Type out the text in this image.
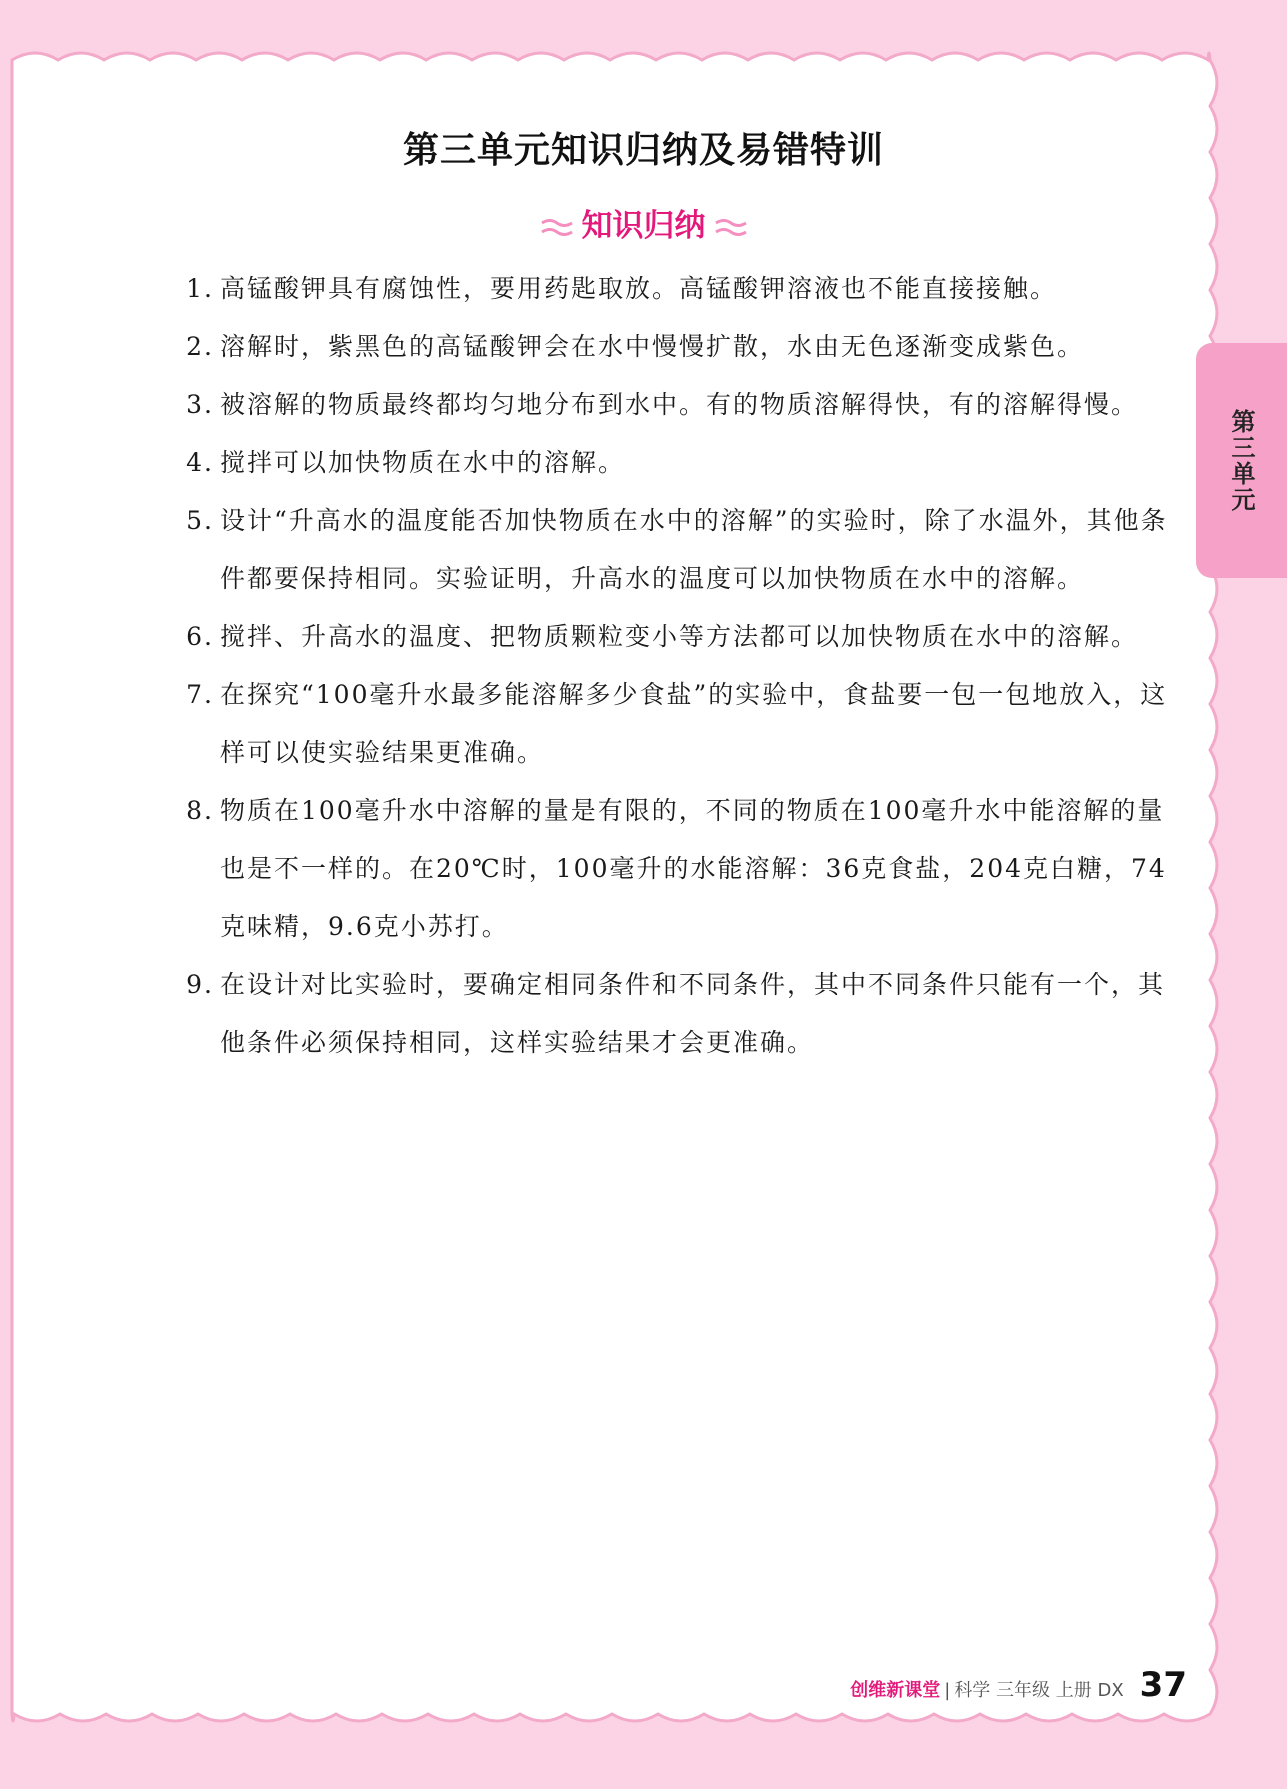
第三单元知识归纳及易错特训
知识归纳
1. 高锰酸钾具有腐蚀性，要用药匙取放。高锰酸钾溶液也不能直接接触。
2. 溶解时，紫黑色的高锰酸钾会在水中慢慢扩散，水由无色逐渐变成紫色。
3. 被溶解的物质最终都均匀地分布到水中。有的物质溶解得快，有的溶解得慢。
4. 搅拌可以加快物质在水中的溶解。
5. 设计“升高水的温度能否加快物质在水中的溶解”的实验时，除了水温外，其他条件都要保持相同。实验证明，升高水的温度可以加快物质在水中的溶解。
6. 搅拌、升高水的温度、把物质颗粒变小等方法都可以加快物质在水中的溶解。
7. 在探究“100毫升水最多能溶解多少食盐”的实验中，食盐要一包一包地放入，这样可以使实验结果更准确。
8. 物质在100毫升水中溶解的量是有限的，不同的物质在100毫升水中能溶解的量也是不一样的。在20℃时，100毫升的水能溶解：36克食盐，204克白糖，74克味精，9.6克小苏打。
9. 在设计对比实验时，要确定相同条件和不同条件，其中不同条件只能有一个，其他条件必须保持相同，这样实验结果才会更准确。
第三单元
创维新课堂 | 科学 三年级 上册 DX 37
